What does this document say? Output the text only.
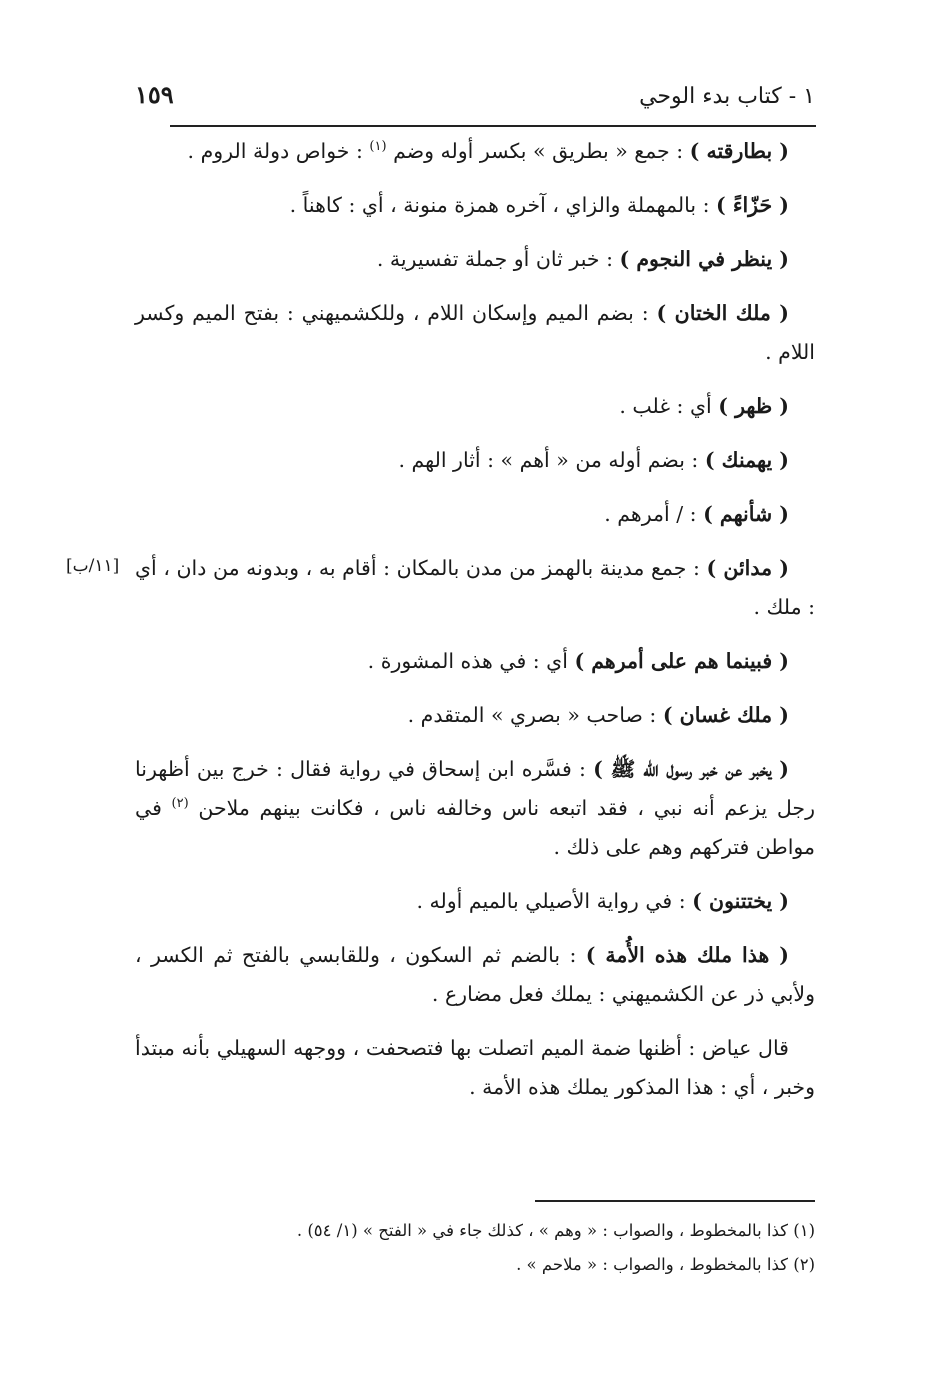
١ - كتاب بدء الوحي
١٥٩
[١١/ب]

( بطارقته ) : جمع « بطريق » بكسر أوله وضم $^{(١)}$ : خواص دولة الروم .

( حَزّاءً ) : بالمهملة والزاي ، آخره همزة منونة ، أي : كاهناً .

( ينظر في النجوم ) : خبر ثان أو جملة تفسيرية .

( ملك الختان ) : بضم الميم وإسكان اللام ، وللكشميهني : بفتح الميم وكسر اللام .

( ظهر ) أي : غلب .

( يهمنك ) : بضم أوله من « أهم » : أثار الهم .

( شأنهم ) : / أمرهم .

( مدائن ) : جمع مدينة بالهمز من مدن بالمكان : أقام به ، وبدونه من دان ، أي : ملك .

( فبينما هم على أمرهم ) أي : في هذه المشورة .

( ملك غسان ) : صاحب « بصري » المتقدم .

( يخبر عن خبر رسول الله ﷺ ) : فسَّره ابن إسحاق في رواية فقال : خرج بين أظهرنا رجل يزعم أنه نبي ، فقد اتبعه ناس وخالفه ناس ، فكانت بينهم ملاحن $^{(٢)}$ في مواطن فتركهم وهم على ذلك .

( يختتنون ) : في رواية الأصيلي بالميم أوله .

( هذا ملك هذه الأُمة ) : بالضم ثم السكون ، وللقابسي بالفتح ثم الكسر ، ولأبي ذر عن الكشميهني : يملك فعل مضارع .

قال عياض : أظنها ضمة الميم اتصلت بها فتصحفت ، ووجهه السهيلي بأنه مبتدأ وخبر ، أي : هذا المذكور يملك هذه الأمة .

(١) كذا بالمخطوط ، والصواب : « وهم » ، كذلك جاء في « الفتح » (١/ ٥٤) .

(٢) كذا بالمخطوط ، والصواب : « ملاحم » .
